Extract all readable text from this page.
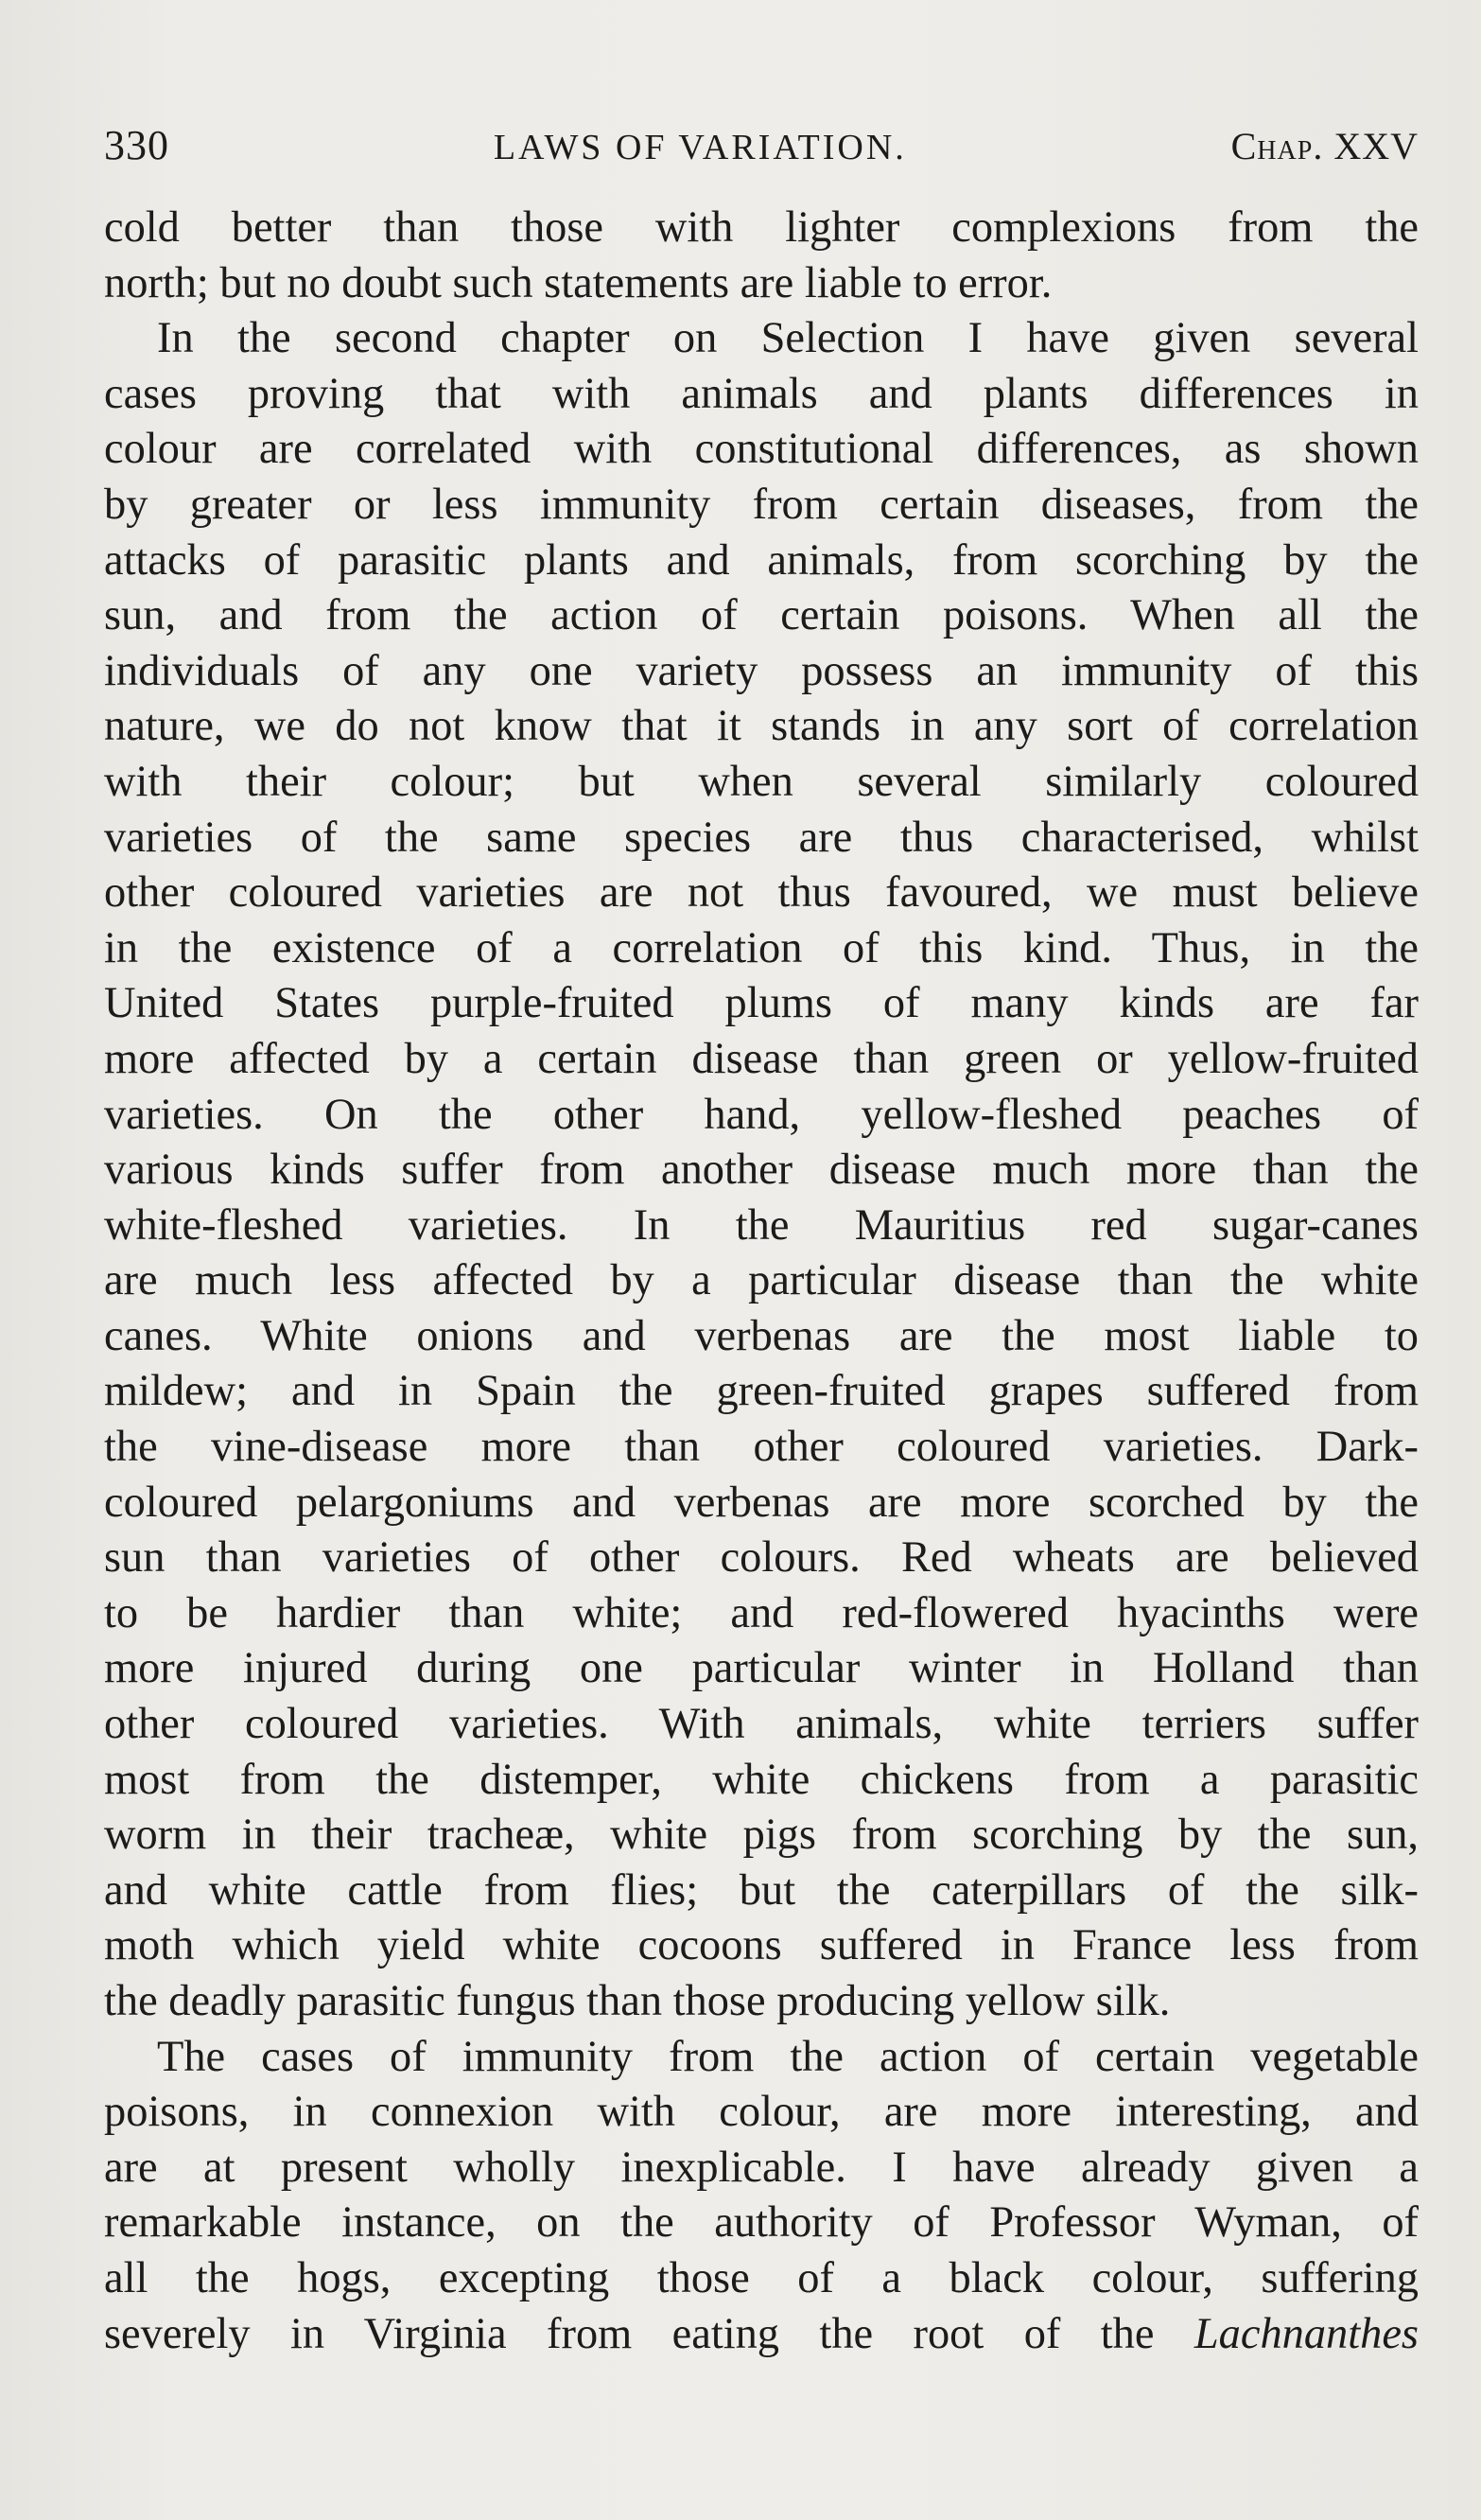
330	LAWS OF VARIATION.	Chap. XXV
cold better than those with lighter complexions from the
north; but no doubt such statements are liable to error.
In the second chapter on Selection I have given several
cases proving that with animals and plants differences in
colour are correlated with constitutional differences, as shown
by greater or less immunity from certain diseases, from the
attacks of parasitic plants and animals, from scorching by the
sun, and from the action of certain poisons. When all the
individuals of any one variety possess an immunity of this
nature, we do not know that it stands in any sort of correlation
with their colour; but when several similarly coloured
varieties of the same species are thus characterised, whilst
other coloured varieties are not thus favoured, we must believe
in the existence of a correlation of this kind. Thus, in the
United States purple-fruited plums of many kinds are far
more affected by a certain disease than green or yellow-fruited
varieties. On the other hand, yellow-fleshed peaches of
various kinds suffer from another disease much more than the
white-fleshed varieties. In the Mauritius red sugar-canes
are much less affected by a particular disease than the white
canes. White onions and verbenas are the most liable to
mildew; and in Spain the green-fruited grapes suffered from
the vine-disease more than other coloured varieties. Dark-
coloured pelargoniums and verbenas are more scorched by the
sun than varieties of other colours. Red wheats are believed
to be hardier than white; and red-flowered hyacinths were
more injured during one particular winter in Holland than
other coloured varieties. With animals, white terriers suffer
most from the distemper, white chickens from a parasitic
worm in their tracheæ, white pigs from scorching by the sun,
and white cattle from flies; but the caterpillars of the silk-
moth which yield white cocoons suffered in France less from
the deadly parasitic fungus than those producing yellow silk.
The cases of immunity from the action of certain vegetable
poisons, in connexion with colour, are more interesting, and
are at present wholly inexplicable. I have already given a
remarkable instance, on the authority of Professor Wyman, of
all the hogs, excepting those of a black colour, suffering
severely in Virginia from eating the root of the Lachnanthes
